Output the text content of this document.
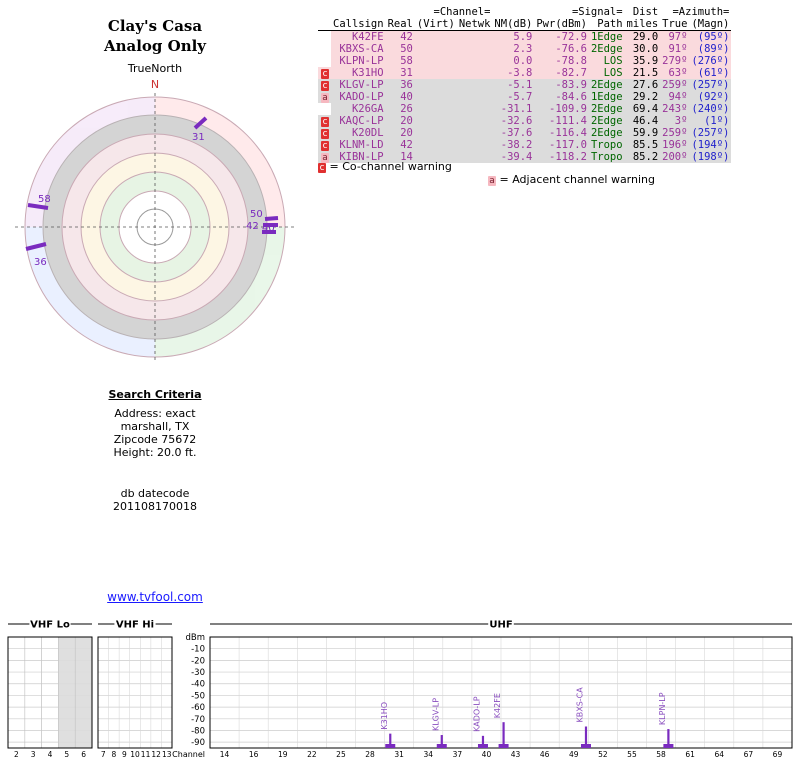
Clay's Casa
Analog Only
TrueNorth
N
31
58
36
50
42 40
Search Criteria
Address: exact
marshall, TX
Zipcode 75672
Height: 20.0 ft.
db datecode
201108170018
www.tvfool.com
	=Channel=				=Signal=			Dist	=Azimuth=	
	Callsign	Real	(Virt)	Netwk	NM(dB)	Pwr(dBm)	Path	miles	True	(Magn)
	K42FE	42			5.9	-72.9	1Edge	29.0	97º	(95º)
	KBXS-CA	50			2.3	-76.6	2Edge	30.0	91º	(89º)
	KLPN-LP	58			0.0	-78.8	LOS	35.9	279º	(276º)
c	K31HO	31			-3.8	-82.7	LOS	21.5	63º	(61º)
c	KLGV-LP	36			-5.1	-83.9	2Edge	27.6	259º	(257º)
a	KADO-LP	40			-5.7	-84.6	1Edge	29.2	94º	(92º)
	K26GA	26			-31.1	-109.9	2Edge	69.4	243º	(240º)
c	KAQC-LP	20			-32.6	-111.4	2Edge	46.4	3º	(1º)
c	K20DL	20			-37.6	-116.4	2Edge	59.9	259º	(257º)
c	KLNM-LD	42			-38.2	-117.0	Tropo	85.5	196º	(194º)
a	KIBN-LP	14			-39.4	-118.2	Tropo	85.2	200º	(198º)
c = Co-channel warning a = Adjacent channel warning
VHF Lo
2 3 4 5 6
VHF Hi
7 8 9 10 11 12 13
UHF
14	16	19	22	25	28	31	34	37	40	43	46	49	52	55	58	61	64	67	69
dBm
-10
-20
-30
-40
-50
-60
-70
-80
-90
Channel
K31HO	KLGV-LP	KADO-LP K42FE	KBXS-CA	KLPN-LP
